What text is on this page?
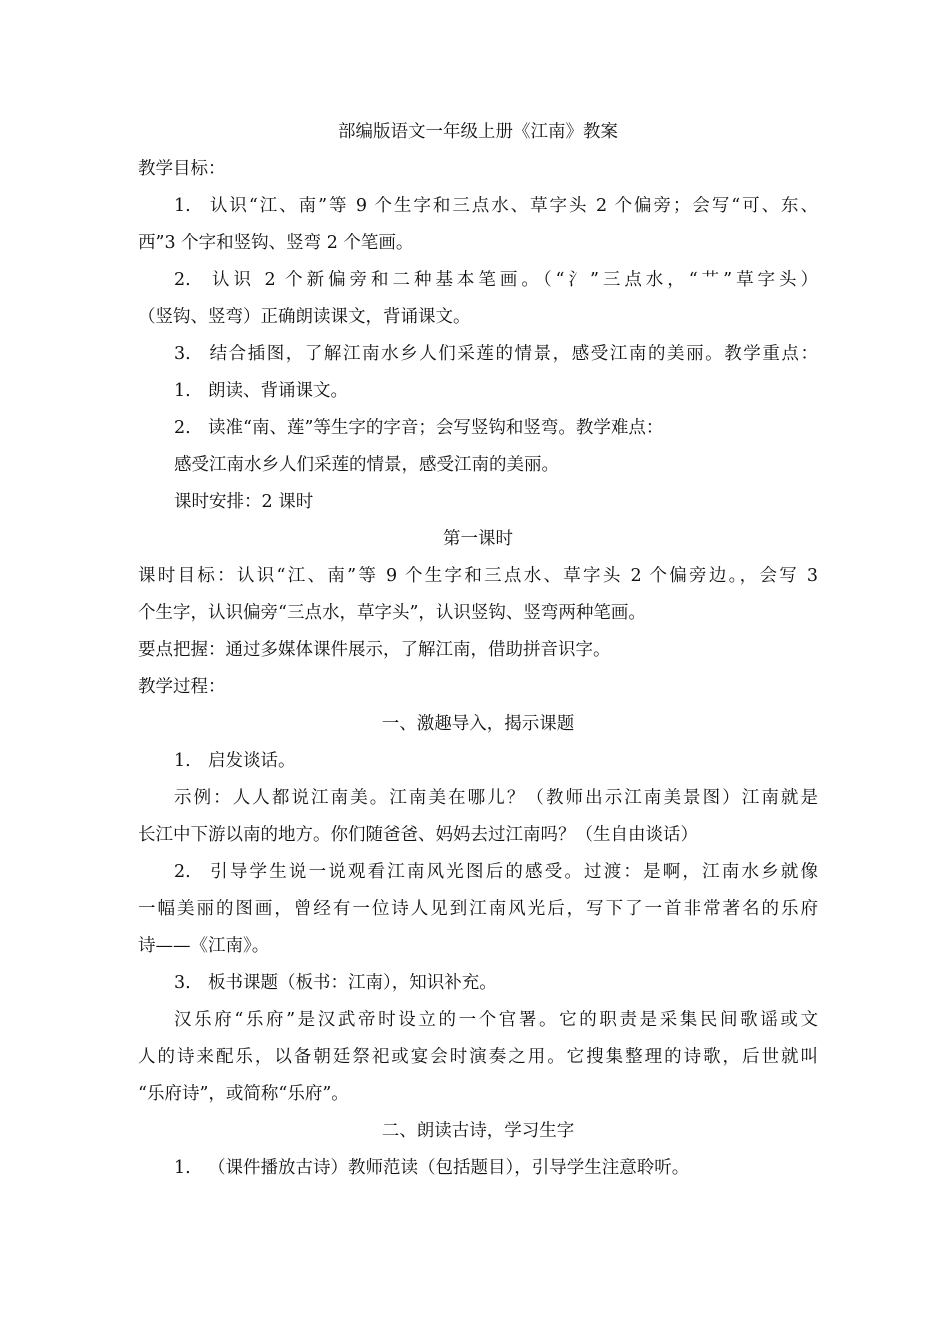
部编版语文一年级上册《江南》教案
教学目标：
1. 认识“江、南”等 9 个生字和三点水、草字头 2 个偏旁；会写“可、东、
西”3 个字和竖钩、竖弯 2 个笔画。
2. 认识 2 个新偏旁和二种基本笔画。（“氵”三点水，“艹”草字头）
（竖钩、竖弯）正确朗读课文，背诵课文。
3. 结合插图，了解江南水乡人们采莲的情景，感受江南的美丽。教学重点：
1. 朗读、背诵课文。
2. 读准“南、莲”等生字的字音；会写竖钩和竖弯。教学难点：
感受江南水乡人们采莲的情景，感受江南的美丽。
课时安排：2 课时
第一课时
课时目标：认识“江、南”等 9 个生字和三点水、草字头 2 个偏旁边。，会写 3
个生字，认识偏旁“三点水，草字头”，认识竖钩、竖弯两种笔画。
要点把握：通过多媒体课件展示，了解江南，借助拼音识字。
教学过程：
一、激趣导入，揭示课题
1. 启发谈话。
示例：人人都说江南美。江南美在哪儿？（教师出示江南美景图）江南就是
长江中下游以南的地方。你们随爸爸、妈妈去过江南吗？（生自由谈话）
2. 引导学生说一说观看江南风光图后的感受。过渡：是啊，江南水乡就像
一幅美丽的图画，曾经有一位诗人见到江南风光后，写下了一首非常著名的乐府
诗——《江南》。
3. 板书课题（板书：江南），知识补充。
汉乐府“乐府”是汉武帝时设立的一个官署。它的职责是采集民间歌谣或文
人的诗来配乐，以备朝廷祭祀或宴会时演奏之用。它搜集整理的诗歌，后世就叫
“乐府诗”，或简称“乐府”。
二、朗读古诗，学习生字
1. （课件播放古诗）教师范读（包括题目），引导学生注意聆听。
